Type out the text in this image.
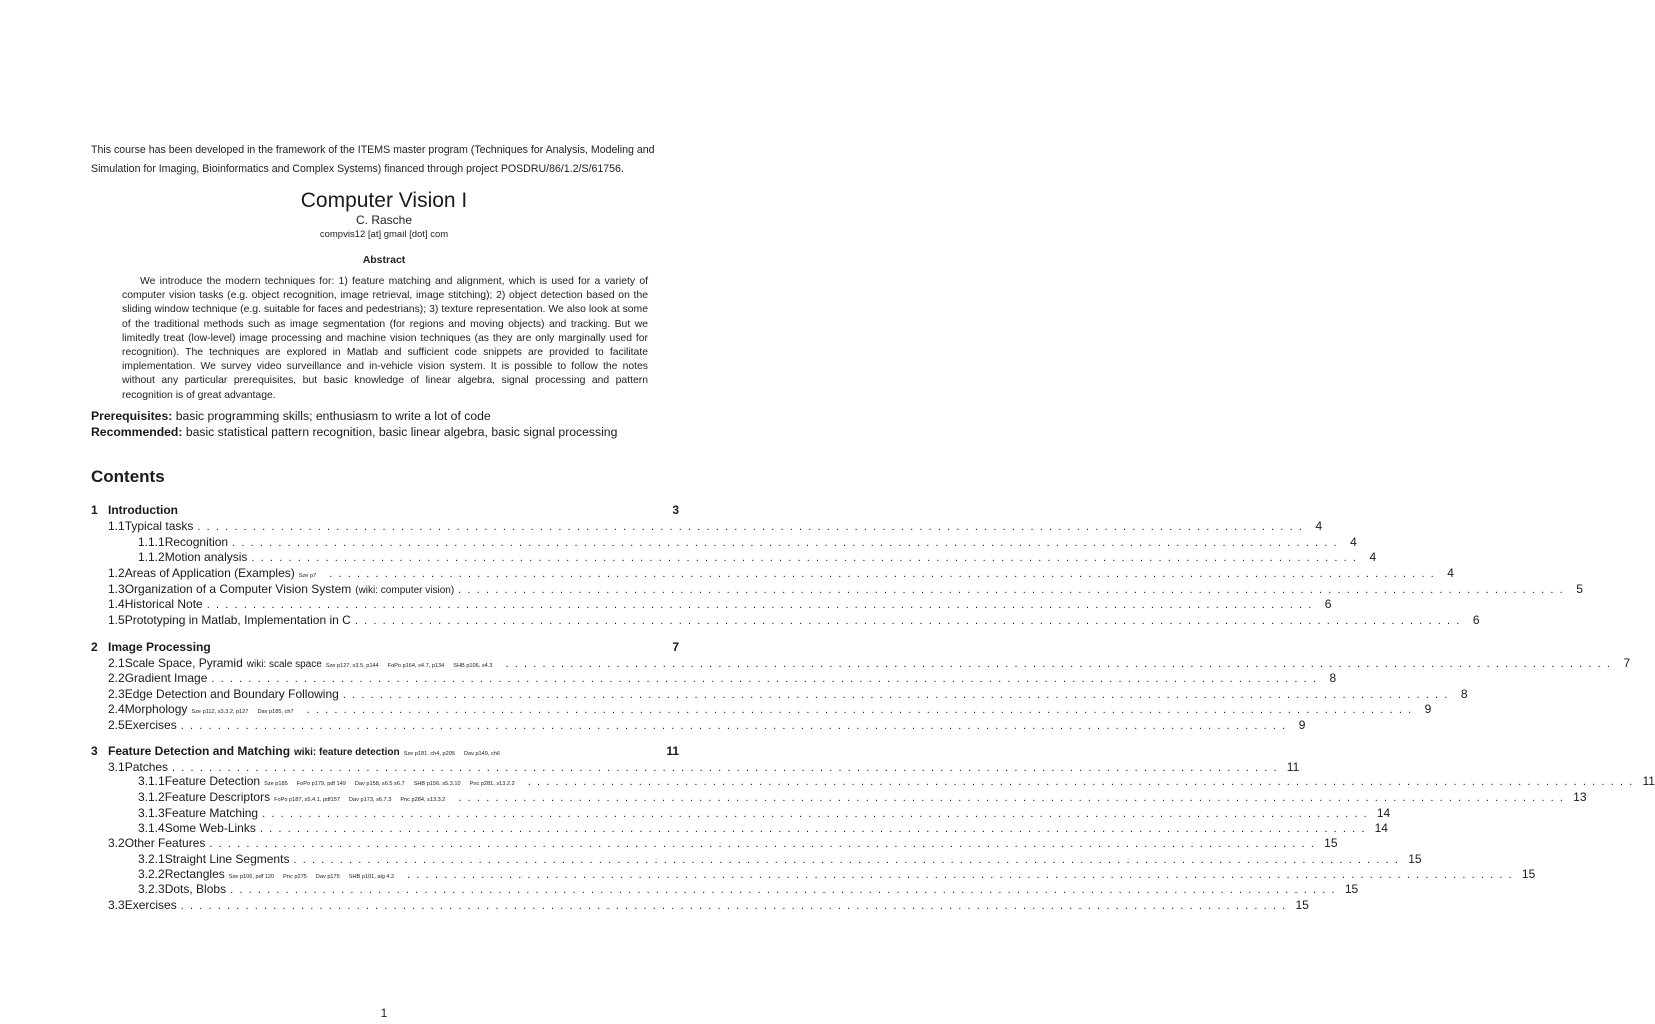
This course has been developed in the framework of the ITEMS master program (Techniques for Analysis, Modeling and Simulation for Imaging, Bioinformatics and Complex Systems) financed through project POSDRU/86/1.2/S/61756.
Computer Vision I
C. Rasche
compvis12 [at] gmail [dot] com
Abstract
We introduce the modern techniques for: 1) feature matching and alignment, which is used for a variety of computer vision tasks (e.g. object recognition, image retrieval, image stitching); 2) object detection based on the sliding window technique (e.g. suitable for faces and pedestrians); 3) texture representation. We also look at some of the traditional methods such as image segmentation (for regions and moving objects) and tracking. But we limitedly treat (low-level) image processing and machine vision techniques (as they are only marginally used for recognition). The techniques are explored in Matlab and sufficient code snippets are provided to facilitate implementation. We survey video surveillance and in-vehicle vision system. It is possible to follow the notes without any particular prerequisites, but basic knowledge of linear algebra, signal processing and pattern recognition is of great advantage.
Prerequisites: basic programming skills; enthusiasm to write a lot of code
Recommended: basic statistical pattern recognition, basic linear algebra, basic signal processing
Contents
1 Introduction	3
1.1 Typical tasks ........................................................................................................................ 4
1.1.1 Recognition ........................................................................................................................ 4
1.1.2 Motion analysis ........................................................................................................................ 4
1.2 Areas of Application (Examples) Sze p7	........................................................................................................................ 4
1.3 Organization of a Computer Vision System (wiki: computer vision) ........................................................................................................................ 5
1.4 Historical Note ........................................................................................................................ 6
1.5 Prototyping in Matlab, Implementation in C ........................................................................................................................ 6
2 Image Processing	7
2.1 Scale Space, Pyramid wiki: scale space Sze p127, s3.5, p144 FoPo p164, s4.7, p134 SHB p106, s4.3	........................................................................................................................ 7
2.2 Gradient Image ........................................................................................................................ 8
2.3 Edge Detection and Boundary Following ........................................................................................................................ 8
2.4 Morphology Sze p112, s3.3.2, p127 Dav p185, ch7	........................................................................................................................ 9
2.5 Exercises ........................................................................................................................ 9
3 Feature Detection and Matching wiki: feature detection Sze p181, ch4, p205 Dav p149, ch6	11
3.1 Patches ........................................................................................................................ 11
3.1.1 Feature Detection Sze p185 FoPo p179, pdf 149 Dav p158, s6.5 s6.7 SHB p156, s5.3.10 Pnc p281, s13.2.2	........................................................................................................................ 11
3.1.2 Feature Descriptors FoPo p187, s5.4.1, pdf157 Dav p173, s6.7.3 Pnc p284, s13.3.2	........................................................................................................................ 13
3.1.3 Feature Matching ........................................................................................................................ 14
3.1.4 Some Web-Links ........................................................................................................................ 14
3.2 Other Features ........................................................................................................................ 15
3.2.1 Straight Line Segments ........................................................................................................................ 15
3.2.2 Rectangles Sze p106, pdf 120 Pnc p275 Dav p175 SHB p101, alg 4.2	........................................................................................................................ 15
3.2.3 Dots, Blobs ........................................................................................................................ 15
3.3 Exercises ........................................................................................................................ 15
1
